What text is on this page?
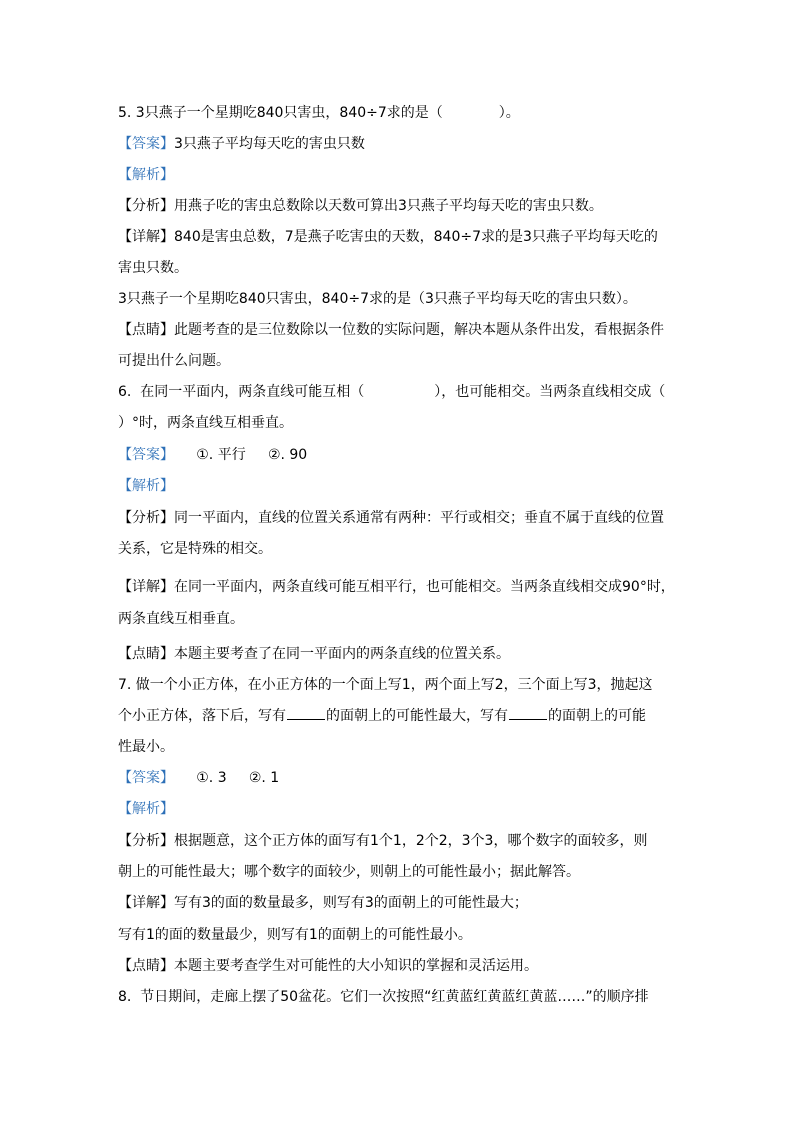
5. 3只燕子一个星期吃840只害虫，840÷7求的是（　　　　）。
【答案】3只燕子平均每天吃的害虫只数
【解析】
【分析】用燕子吃的害虫总数除以天数可算出3只燕子平均每天吃的害虫只数。
【详解】840是害虫总数，7是燕子吃害虫的天数，840÷7求的是3只燕子平均每天吃的
害虫只数。
3只燕子一个星期吃840只害虫，840÷7求的是（3只燕子平均每天吃的害虫只数）。
【点睛】此题考查的是三位数除以一位数的实际问题，解决本题从条件出发，看根据条件
可提出什么问题。
6.  在同一平面内，两条直线可能互相（　　　　　），也可能相交。当两条直线相交成（
）°时，两条直线互相垂直。
【答案】     ①. 平行     ②. 90
【解析】
【分析】同一平面内，直线的位置关系通常有两种：平行或相交；垂直不属于直线的位置
关系，它是特殊的相交。
【详解】在同一平面内，两条直线可能互相平行，也可能相交。当两条直线相交成90°时，
两条直线互相垂直。
【点睛】本题主要考查了在同一平面内的两条直线的位置关系。
7. 做一个小正方体，在小正方体的一个面上写1，两个面上写2，三个面上写3，抛起这
个小正方体，落下后，写有	的面朝上的可能性最大，写有	的面朝上的可能
性最小。
【答案】     ①. 3     ②. 1
【解析】
【分析】根据题意，这个正方体的面写有1个1，2个2，3个3，哪个数字的面较多，则
朝上的可能性最大；哪个数字的面较少，则朝上的可能性最小；据此解答。
【详解】写有3的面的数量最多，则写有3的面朝上的可能性最大；
写有1的面的数量最少，则写有1的面朝上的可能性最小。
【点睛】本题主要考查学生对可能性的大小知识的掌握和灵活运用。
8.  节日期间，走廊上摆了50盆花。它们一次按照“红黄蓝红黄蓝红黄蓝……”的顺序排
